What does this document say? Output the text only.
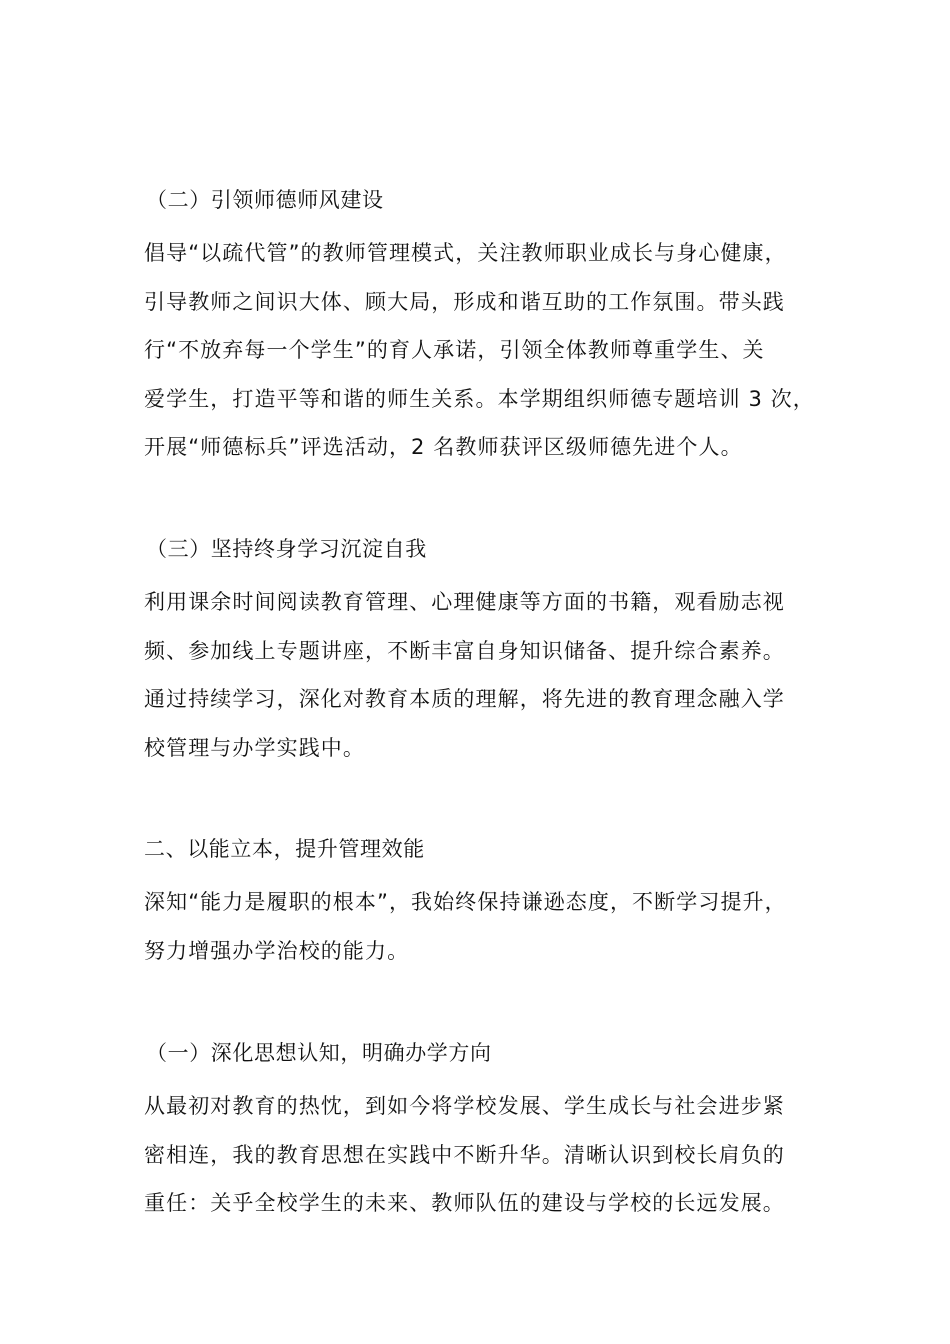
（二）引领师德师风建设
倡导“以疏代管”的教师管理模式，关注教师职业成长与身心健康，
引导教师之间识大体、顾大局，形成和谐互助的工作氛围。带头践
行“不放弃每一个学生”的育人承诺，引领全体教师尊重学生、关
爱学生，打造平等和谐的师生关系。本学期组织师德专题培训 3 次，
开展“师德标兵”评选活动，2 名教师获评区级师德先进个人。
（三）坚持终身学习沉淀自我
利用课余时间阅读教育管理、心理健康等方面的书籍，观看励志视
频、参加线上专题讲座，不断丰富自身知识储备、提升综合素养。
通过持续学习，深化对教育本质的理解，将先进的教育理念融入学
校管理与办学实践中。
二、以能立本，提升管理效能
深知“能力是履职的根本”，我始终保持谦逊态度，不断学习提升，
努力增强办学治校的能力。
（一）深化思想认知，明确办学方向
从最初对教育的热忱，到如今将学校发展、学生成长与社会进步紧
密相连，我的教育思想在实践中不断升华。清晰认识到校长肩负的
重任：关乎全校学生的未来、教师队伍的建设与学校的长远发展。
